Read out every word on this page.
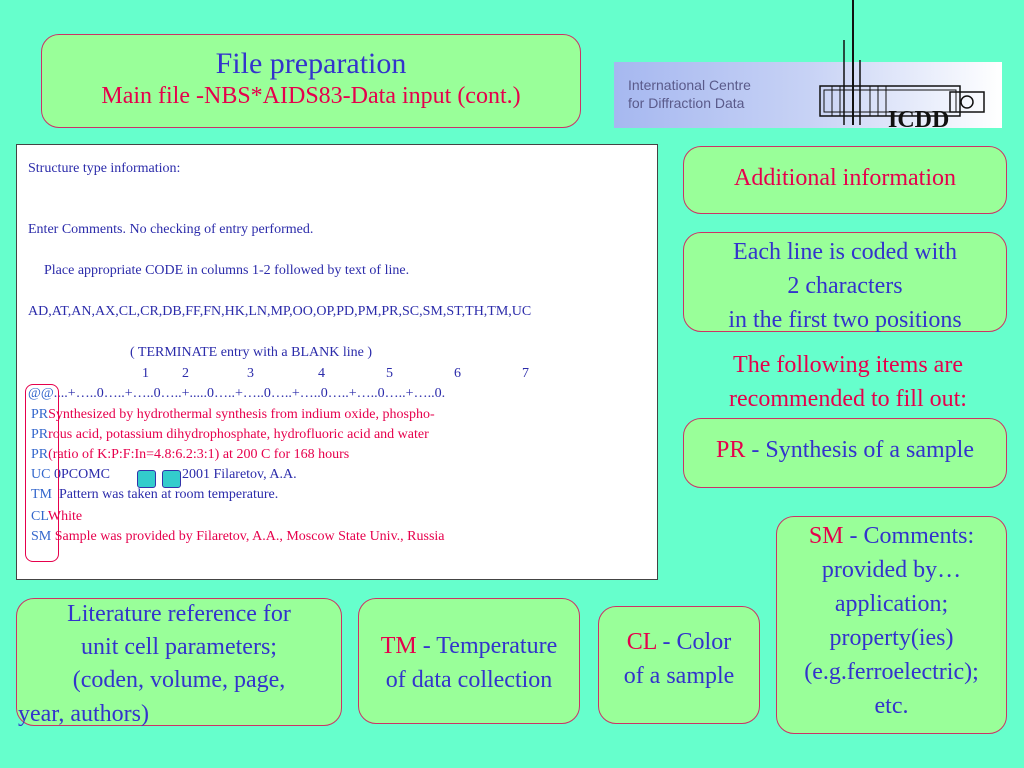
File preparation
Main file -NBS*AIDS83-Data input (cont.)	International Centre
for Diffraction Data
ICDD
Structure type information:
Enter Comments. No checking of entry performed.
Place appropriate CODE in columns 1-2 followed by text of line.
AD,AT,AN,AX,CL,CR,DB,FF,FN,HK,LN,MP,OO,OP,PD,PM,PR,SC,SM,ST,TH,TM,UC
( TERMINATE entry with a BLANK line )
1 2	3	4	5	6	7
@@....+…..0…..+…..0…..+.....0…..+…..0…..+…..0…..+…..0…..+…..0.
PRSynthesized by hydrothermal synthesis from indium oxide, phospho-
PRrous acid, potassium dihydrophosphate, hydrofluoric acid and water
PR(ratio of K:P:F:In=4.8:6.2:3:1) at 200 C for 168 hours
UC 0PCOMC	2001 Filaretov, A.A.
TM Pattern was taken at room temperature.
CLWhite
SM Sample was provided by Filaretov, A.A., Moscow State Univ., Russia
Additional information
Each line is coded with
2 characters
in the first two positions
The following items are
recommended to fill out:
PR - Synthesis of a sample
SM - Comments:
provided by…
application;
property(ies)
(e.g.ferroelectric);
etc.
Literature reference for
unit cell parameters;
(coden, volume, page,
year, authors)
TM - Temperature
of data collection
CL - Color
of a sample
